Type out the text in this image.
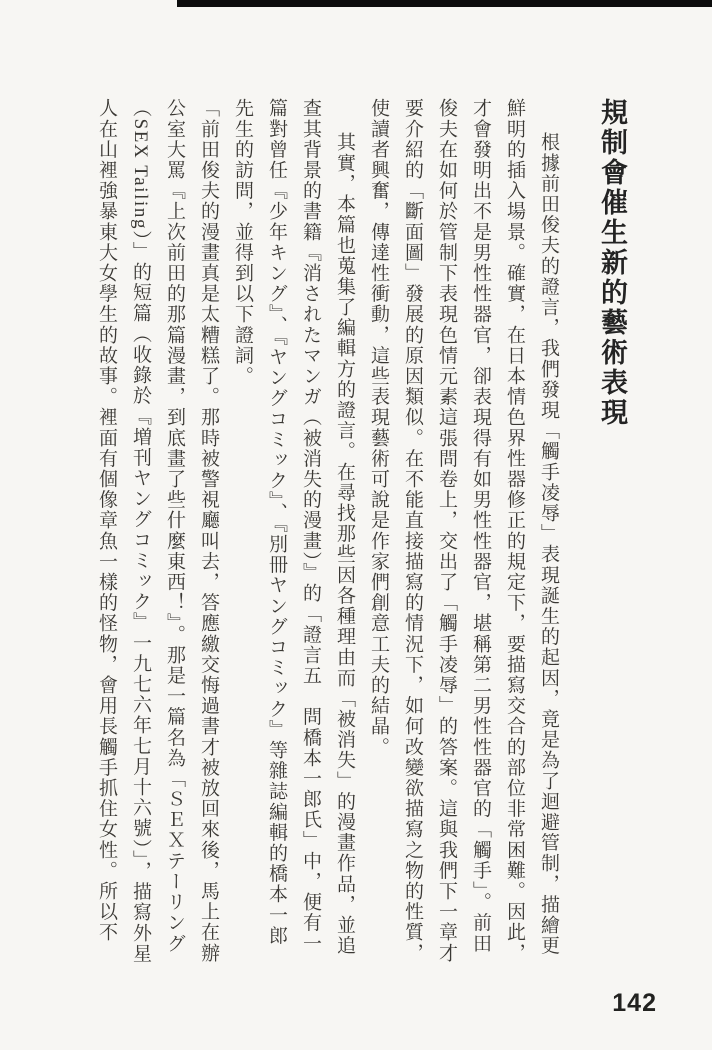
規制會催生新的藝術表現

根據前田俊夫的證言，我們發現「觸手凌辱」表現誕生的起因，竟是為了迴避管制，描繪更鮮明的插入場景。確實，在日本情色界性器修正的規定下，要描寫交合的部位非常困難。因此，才會發明出不是男性性器官，卻表現得有如男性性器官，堪稱第二男性性器官的「觸手」。前田俊夫在如何於管制下表現色情元素這張問卷上，交出了「觸手凌辱」的答案。這與我們下一章才要介紹的「斷面圖」發展的原因類似。在不能直接描寫的情況下，如何改變欲描寫之物的性質，使讀者興奮，傳達性衝動，這些表現藝術可說是作家們創意工夫的結晶。

其實，本篇也蒐集了編輯方的證言。在尋找那些因各種理由而「被消失」的漫畫作品，並追查其背景的書籍『消されたマンガ（被消失的漫畫）』的「證言五　問橋本一郎氏」中，便有一篇對曾任『少年キング』、『ヤングコミック』、『別冊ヤングコミック』等雜誌編輯的橋本一郎先生的訪問，並得到以下證詞。

「前田俊夫的漫畫真是太糟糕了。那時被警視廳叫去，答應繳交悔過書才被放回來後，馬上在辦公室大罵『上次前田的那篇漫畫，到底畫了些什麼東西！』。那是一篇名為「ＳＥＸテーリング（SEX Tailing）」的短篇（收錄於『増刊ヤングコミック』一九七六年七月十六號）」，描寫外星人在山裡強暴東大女學生的故事。裡面有個像章魚一樣的怪物，會用長觸手抓住女性。所以不

142
